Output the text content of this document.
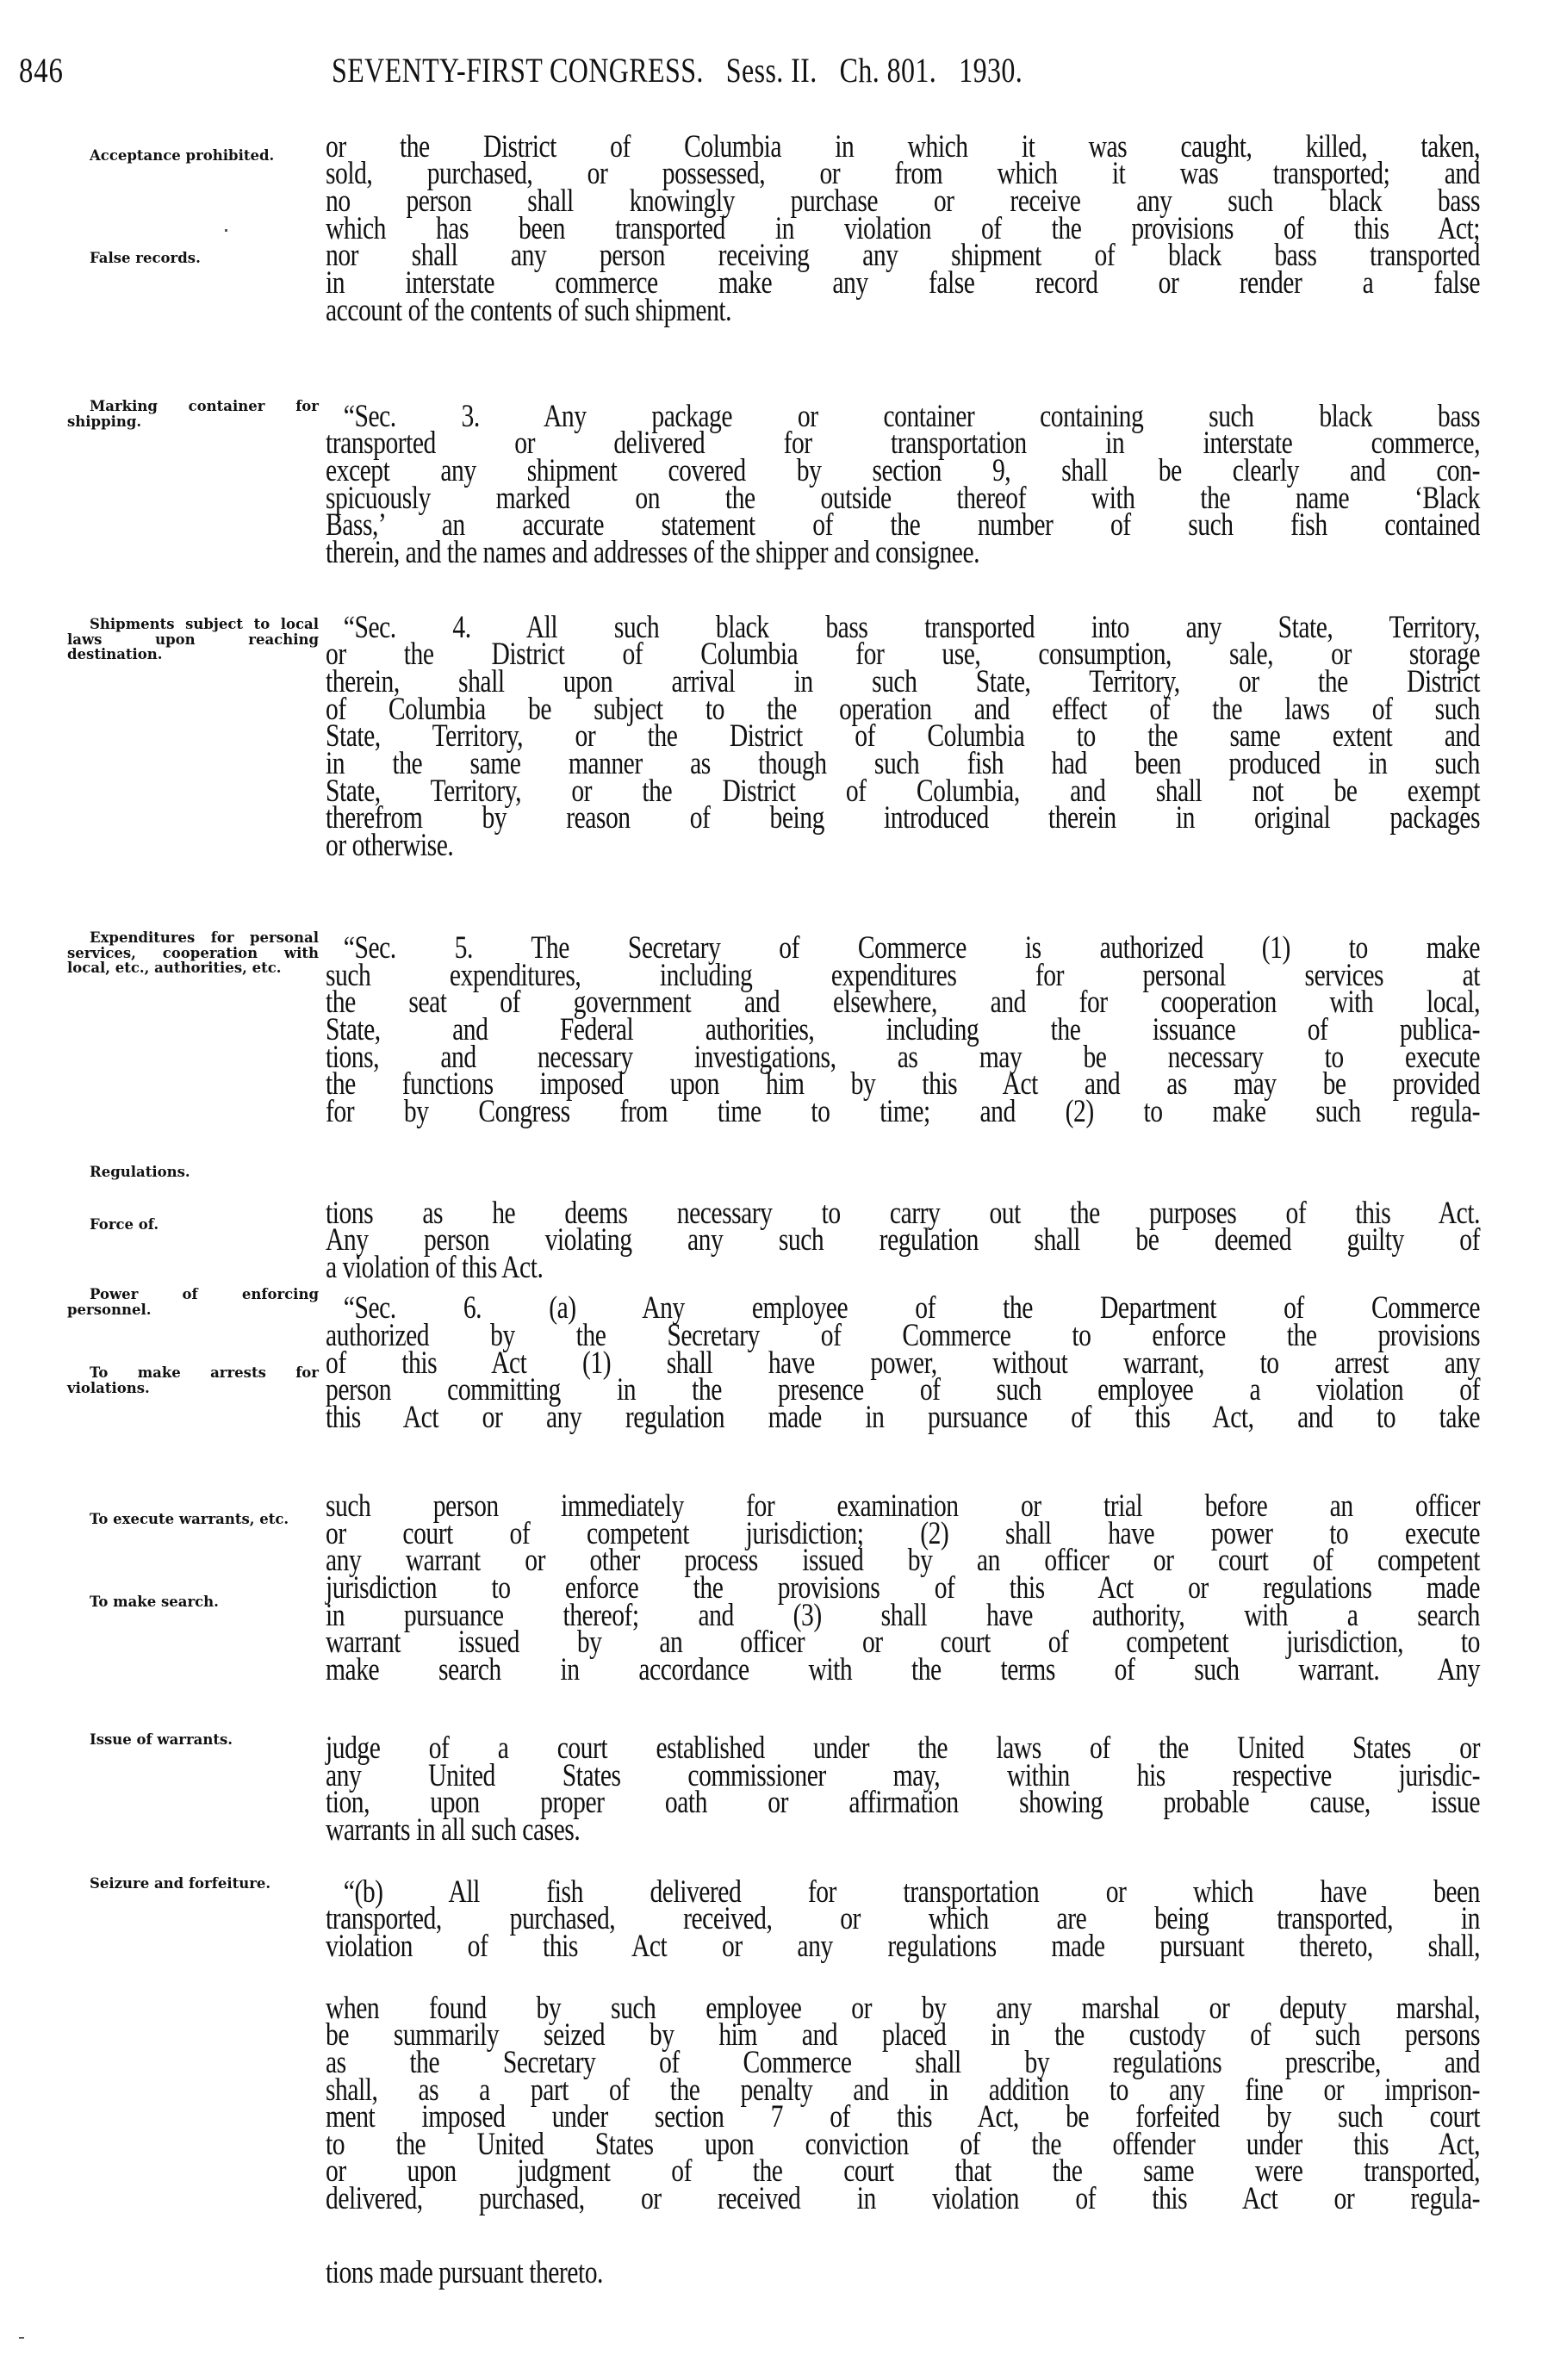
846	SEVENTY-FIRST CONGRESS. Sess. II. Ch. 801. 1930.
Acceptance prohibited.
False records.
Marking container for shipping.
Shipments subject to local laws upon reaching destination.
Expenditures for personal services, cooperation with local, etc., authorities, etc.
Regulations.
Force of.
Power of enforcing personnel.
To make arrests for violations.
To execute warrants, etc.
To make search.
Issue of warrants.
Seizure and forfeiture.
or the District of Columbia in which it was caught, killed, taken,
sold, purchased, or possessed, or from which it was transported; and
no person shall knowingly purchase or receive any such black bass
which has been transported in violation of the provisions of this Act;
nor shall any person receiving any shipment of black bass transported
in interstate commerce make any false record or render a false
account of the contents of such shipment.
“Sec. 3. Any package or container containing such black bass
transported or delivered for transportation in interstate commerce,
except any shipment covered by section 9, shall be clearly and con-
spicuously marked on the outside thereof with the name ‘Black
Bass,’ an accurate statement of the number of such fish contained
therein, and the names and addresses of the shipper and consignee.
“Sec. 4. All such black bass transported into any State, Territory,
or the District of Columbia for use, consumption, sale, or storage
therein, shall upon arrival in such State, Territory, or the District
of Columbia be subject to the operation and effect of the laws of such
State, Territory, or the District of Columbia to the same extent and
in the same manner as though such fish had been produced in such
State, Territory, or the District of Columbia, and shall not be exempt
therefrom by reason of being introduced therein in original packages
or otherwise.
“Sec. 5. The Secretary of Commerce is authorized (1) to make
such expenditures, including expenditures for personal services at
the seat of government and elsewhere, and for cooperation with local,
State, and Federal authorities, including the issuance of publica-
tions, and necessary investigations, as may be necessary to execute
the functions imposed upon him by this Act and as may be provided
for by Congress from time to time; and (2) to make such regula-
tions as he deems necessary to carry out the purposes of this Act.
Any person violating any such regulation shall be deemed guilty of
a violation of this Act.
“Sec. 6. (a) Any employee of the Department of Commerce
authorized by the Secretary of Commerce to enforce the provisions
of this Act (1) shall have power, without warrant, to arrest any
person committing in the presence of such employee a violation of
this Act or any regulation made in pursuance of this Act, and to take
such person immediately for examination or trial before an officer
or court of competent jurisdiction; (2) shall have power to execute
any warrant or other process issued by an officer or court of competent
jurisdiction to enforce the provisions of this Act or regulations made
in pursuance thereof; and (3) shall have authority, with a search
warrant issued by an officer or court of competent jurisdiction, to
make search in accordance with the terms of such warrant. Any
judge of a court established under the laws of the United States or
any United States commissioner may, within his respective jurisdic-
tion, upon proper oath or affirmation showing probable cause, issue
warrants in all such cases.
“(b) All fish delivered for transportation or which have been
transported, purchased, received, or which are being transported, in
violation of this Act or any regulations made pursuant thereto, shall,
when found by such employee or by any marshal or deputy marshal,
be summarily seized by him and placed in the custody of such persons
as the Secretary of Commerce shall by regulations prescribe, and
shall, as a part of the penalty and in addition to any fine or imprison-
ment imposed under section 7 of this Act, be forfeited by such court
to the United States upon conviction of the offender under this Act,
or upon judgment of the court that the same were transported,
delivered, purchased, or received in violation of this Act or regula-
tions made pursuant thereto.
